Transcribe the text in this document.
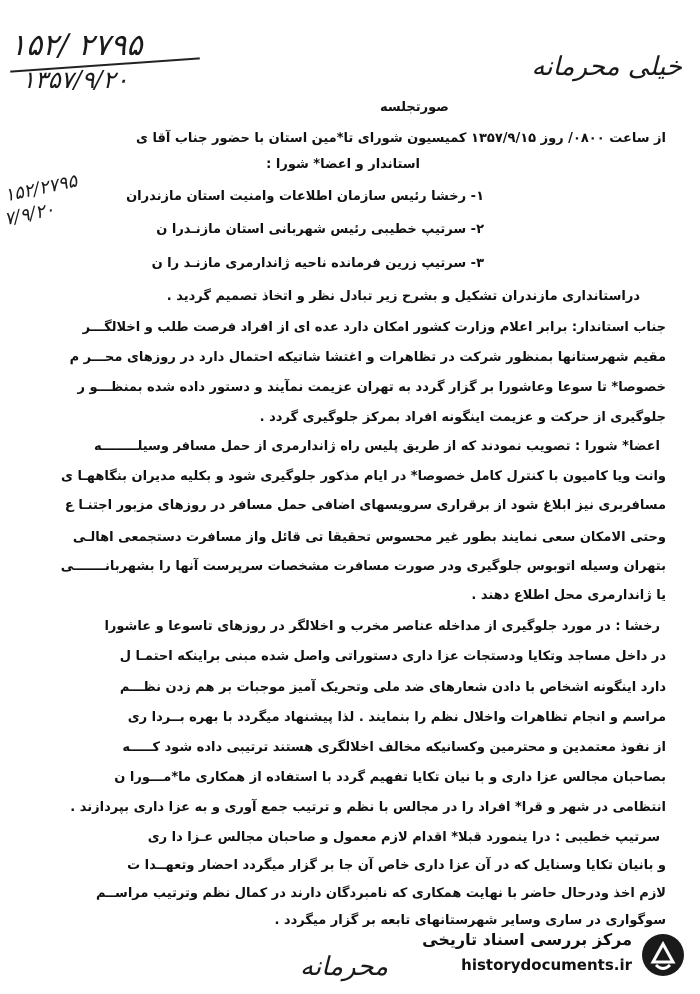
۱۵۲/ ۲۷۹۵
۱۳۵۷/۹/۲۰	خیلی محرمانه
۱۵۲/۲۷۹۵
۷/۹/۲۰
صورتجلسه
از ساعت ۰۸۰۰/ روز ۱۳۵۷/۹/۱۵ کمیسیون شورای تا*مین استان با حضور جناب آقا ی
استاندار و اعضا* شورا :
۱- رخشا رئیس سازمان اطلاعات وامنیت استان مازندران
۲- سرتیپ خطیبی رئیس شهربانی استان مازنـدرا ن
۳- سرتیپ زرین فرمانده ناحیه ژاندارمری مازنـد را ن
دراستانداری مازندران تشکیل و بشرح زیر تبادل نظر و اتخاذ تصمیم گردید .
جناب استاندار: برابر اعلام وزارت کشور امکان دارد عده ای از افراد فرصت طلب و اخلالگـــر
مقیم شهرستانها بمنظور شرکت در تظاهرات و اغتشا شاتیکه احتمال دارد در روزهای محـــر م
خصوصا* تا سوعا وعاشورا بر گزار گردد به تهران عزیمت نمآیند و دستور داده شده بمنظـــو ر
جلوگیری از حرکت و عزیمت اینگونه افراد بمرکز جلوگیری گردد .
اعضا* شورا : تصویب نمودند که از طریق پلیس راه ژاندارمری از حمل مسافر وسیلــــــــه
وانت ویا کامیون با کنترل کامل خصوصا* در ایام مذکور جلوگیری شود و بکلیه مدیران بنگاههـا ی
مسافربری نیز ابلاغ شود از برقراری سرویسهای اضافی حمل مسافر در روزهای مزبور اجتنـا ع
وحتی الامکان سعی نمایند بطور غیر محسوس تحقیقا تی قائل واز مسافرت دستجمعی اهالـی
بتهران وسیله اتوبوس جلوگیری ودر صورت مسافرت مشخصات سرپرست آنها را بشهربانـــــــی
یا ژاندارمری محل اطلاع دهند .
رخشا : در مورد جلوگیری از مداخله عناصر مخرب و اخلالگر در روزهای تاسوعا و عاشورا
در داخل مساجد وتکایا ودستجات عزا داری دستوراتی واصل شده مبنی براینکه احتمـا ل
دارد اینگونه اشخاص با دادن شعارهای ضد ملی وتحریک آمیز موجبات بر هم زدن نظـــم
مراسم و انجام تظاهرات واخلال نظم را بنمایند . لذا پیشنهاد میگردد با بهره بــردا ری
از نفوذ معتمدین و محترمین وکسانیکه مخالف اخلالگری هستند ترتیبی داده شود کـــــه
بصاحبان مجالس عزا داری و با نیان تکایا تفهیم گردد با استفاده از همکاری ما*مـــورا ن
انتظامی در شهر و قرا* افراد را در مجالس با نظم و ترتیب جمع آوری و به عزا داری بپردازند .
سرتیپ خطیبی : درا ینمورد قبلا* اقدام لازم معمول و صاحبان مجالس عـزا دا ری
و بانیان تکایا وسنایل که در آن عزا داری خاص آن جا بر گزار میگردد احضار وتعهــدا ت
لازم اخذ ودرحال حاضر با نهایت همکاری که نامبردگان دارند در کمال نظم وترتیب مراســم
سوگواری در ساری وسایر شهرستانهای تابعه بر گزار میگردد .
محرمانه
مرکز بررسی اسناد تاریخی
historydocuments.ir
